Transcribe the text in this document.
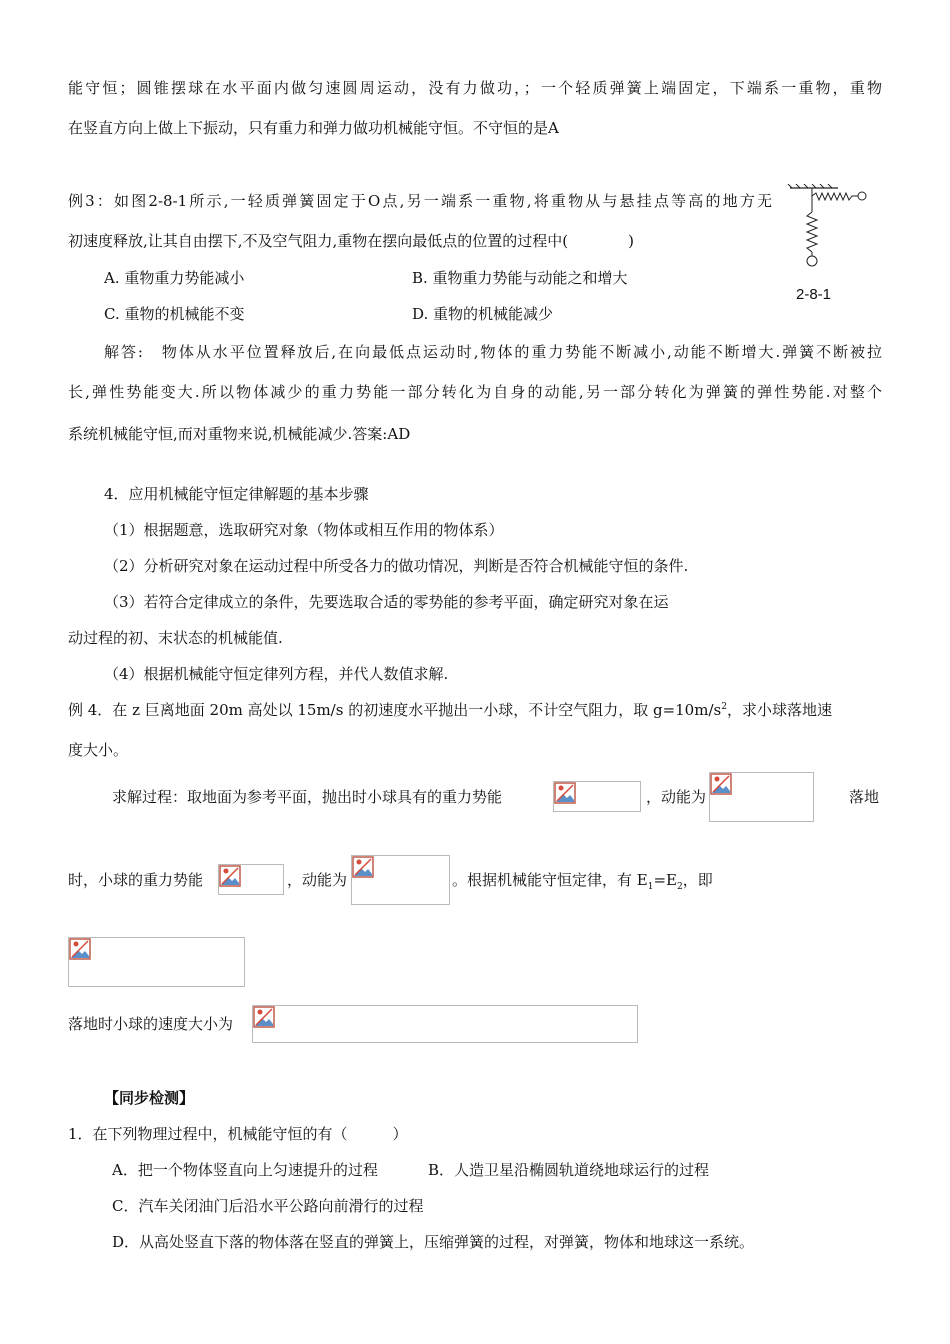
能守恒；圆锥摆球在水平面内做匀速圆周运动，没有力做功，；一个轻质弹簧上端固定，下端系一重物，重物
在竖直方向上做上下振动，只有重力和弹力做功机械能守恒。不守恒的是A
例3：如图2-8-1所示,一轻质弹簧固定于O点,另一端系一重物,将重物从与悬挂点等高的地方无
初速度释放,让其自由摆下,不及空气阻力,重物在摆向最低点的位置的过程中(　　　　)
A. 重物重力势能减小	B. 重物重力势能与动能之和增大
C. 重物的机械能不变	D. 重物的机械能减少
2-8-1
解答:　物体从水平位置释放后,在向最低点运动时,物体的重力势能不断减小,动能不断增大.弹簧不断被拉
长,弹性势能变大.所以物体减少的重力势能一部分转化为自身的动能,另一部分转化为弹簧的弹性势能.对整个
系统机械能守恒,而对重物来说,机械能减少.答案:AD
4．应用机械能守恒定律解题的基本步骤
（1）根据题意，选取研究对象（物体或相互作用的物体系）
（2）分析研究对象在运动过程中所受各力的做功情况，判断是否符合机械能守恒的条件.
（3）若符合定律成立的条件，先要选取合适的零势能的参考平面，确定研究对象在运
动过程的初、末状态的机械能值.
（4）根据机械能守恒定律列方程，并代人数值求解.
例 4．在 z 巨离地面 20m 高处以 15m/s 的初速度水平抛出一小球，不计空气阻力，取 $g=10m/s^2$，求小球落地速
度大小。
求解过程：取地面为参考平面，抛出时小球具有的重力势能	，动能为	落地
时，小球的重力势能	，动能为	。根据机械能守恒定律，有 $E_1=E_2$，即
落地时小球的速度大小为
【同步检测】
1．在下列物理过程中，机械能守恒的有（　　　）
A．把一个物体竖直向上匀速提升的过程	B．人造卫星沿椭圆轨道绕地球运行的过程
C．汽车关闭油门后沿水平公路向前滑行的过程
D．从高处竖直下落的物体落在竖直的弹簧上，压缩弹簧的过程，对弹簧，物体和地球这一系统。
